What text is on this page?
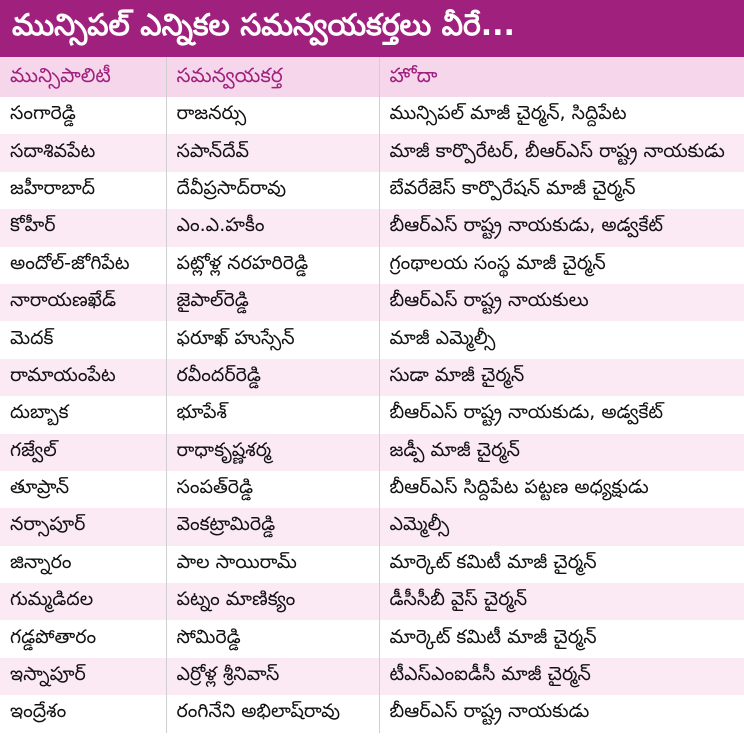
మున్సిపల్ ఎన్నికల సమన్వయకర్తలు వీరే...
మున్సిపాలిటీ	సమన్వయకర్త	హోదా
సంగారెడ్డి	రాజనర్సు	మున్సిపల్ మాజీ చైర్మన్, సిద్దిపేట
సదాశివపేట	సపాన్‌దేవ్	మాజీ కార్పొరేటర్, బీఆర్ఎస్ రాష్ట్ర నాయకుడు
జహీరాబాద్	దేవీప్రసాద్‌రావు	బేవరేజెస్ కార్పొరేషన్ మాజీ చైర్మన్
కోహీర్	ఎం.ఎ.హకీం	బీఆర్ఎస్ రాష్ట్ర నాయకుడు, అడ్వకేట్
అందోల్‌-జోగిపేట	పట్లోళ్ల నరహరిరెడ్డి	గ్రంథాలయ సంస్థ మాజీ చైర్మన్
నారాయణఖేడ్	జైపాల్‌రెడ్డి	బీఆర్ఎస్ రాష్ట్ర నాయకులు
మెదక్	ఫరూఖ్ హుస్సేన్	మాజీ ఎమ్మెల్సీ
రామాయంపేట	రవీందర్‌రెడ్డి	సుడా మాజీ చైర్మన్
దుబ్బాక	భూపేశ్	బీఆర్ఎస్ రాష్ట్ర నాయకుడు, అడ్వకేట్
గజ్వేల్	రాధాకృష్ణశర్మ	జడ్పీ మాజీ చైర్మన్
తూప్రాన్	సంపత్‌రెడ్డి	బీఆర్ఎస్ సిద్దిపేట పట్టణ అధ్యక్షుడు
నర్సాపూర్	వెంకట్రామిరెడ్డి	ఎమ్మెల్సీ
జిన్నారం	పాల సాయిరామ్	మార్కెట్ కమిటీ మాజీ చైర్మన్
గుమ్మడిదల	పట్నం మాణిక్యం	డీసీసీబీ వైస్ చైర్మన్
గడ్డపోతారం	సోమిరెడ్డి	మార్కెట్ కమిటీ మాజీ చైర్మన్
ఇస్నాపూర్	ఎర్రోళ్ల శ్రీనివాస్	టీఎస్ఎంఐడీసీ మాజీ చైర్మన్
ఇంద్రేశం	రంగినేని అభిలాష్‌రావు	బీఆర్ఎస్ రాష్ట్ర నాయకుడు
